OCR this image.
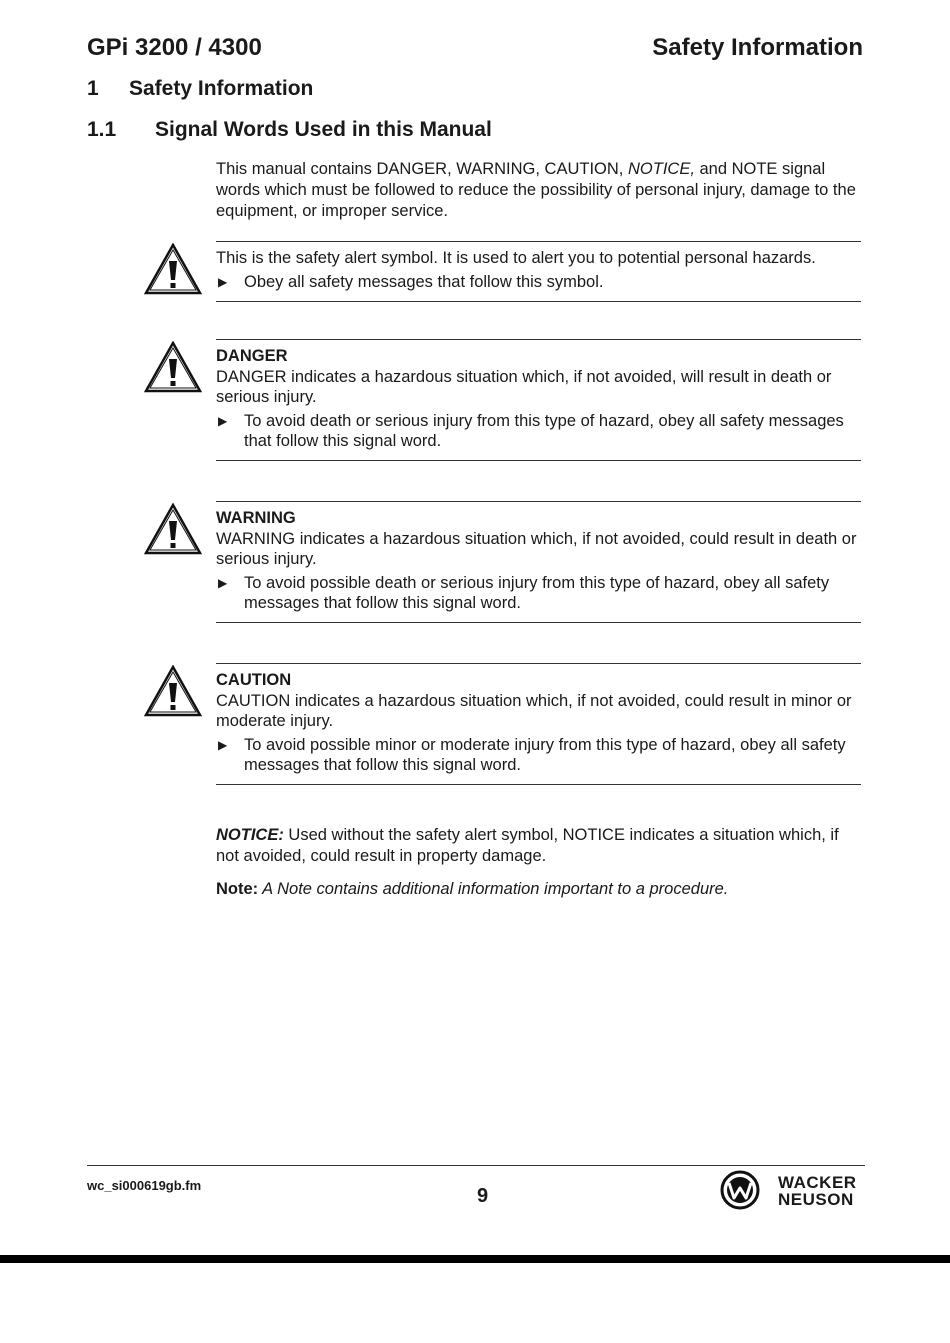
GPi 3200 / 4300	Safety Information
1 Safety Information
1.1 Signal Words Used in this Manual
This manual contains DANGER, WARNING, CAUTION, NOTICE, and NOTE signal words which must be followed to reduce the possibility of personal injury, damage to the equipment, or improper service.
This is the safety alert symbol. It is used to alert you to potential personal hazards.
▶	Obey all safety messages that follow this symbol.
DANGER
DANGER indicates a hazardous situation which, if not avoided, will result in death or serious injury.
▶	To avoid death or serious injury from this type of hazard, obey all safety messages that follow this signal word.
WARNING
WARNING indicates a hazardous situation which, if not avoided, could result in death or serious injury.
▶	To avoid possible death or serious injury from this type of hazard, obey all safety messages that follow this signal word.
CAUTION
CAUTION indicates a hazardous situation which, if not avoided, could result in minor or moderate injury.
▶	To avoid possible minor or moderate injury from this type of hazard, obey all safety messages that follow this signal word.
NOTICE: Used without the safety alert symbol, NOTICE indicates a situation which, if not avoided, could result in property damage.
Note: A Note contains additional information important to a procedure.
wc_si000619gb.fm	9
WACKER
NEUSON
